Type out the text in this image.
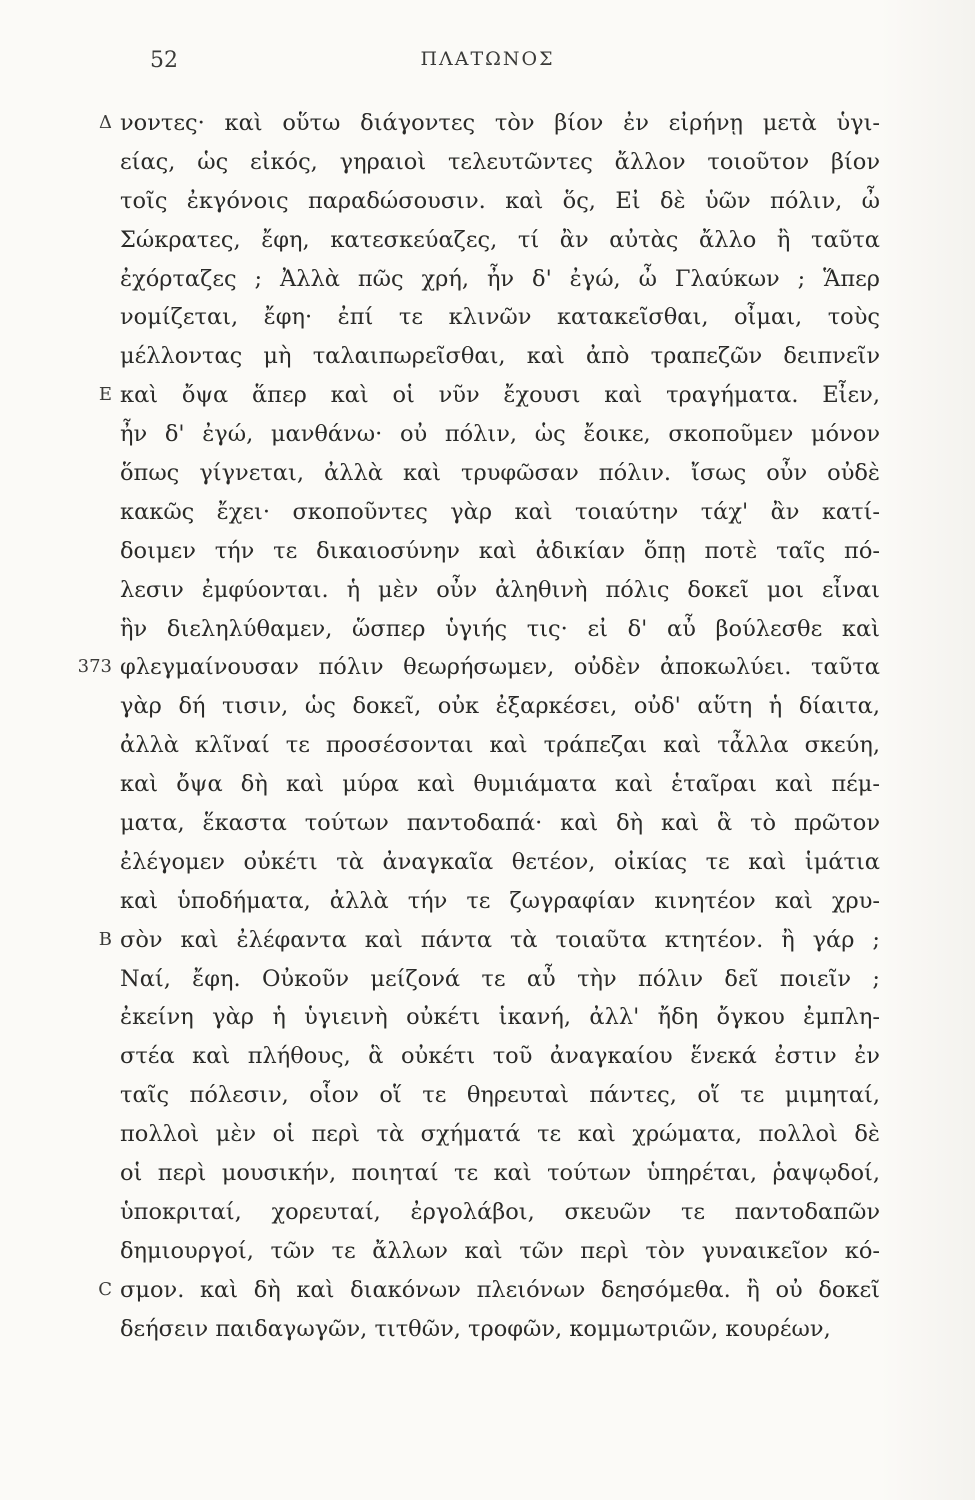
52	ΠΛΑΤΩΝΟΣ
Δ νοντες· καὶ οὕτω διάγοντες τὸν βίον ἐν εἰρήνῃ μετὰ ὑγι-
είας, ὡς εἰκός, γηραιοὶ τελευτῶντες ἄλλον τοιοῦτον βίον
τοῖς ἐκγόνοις παραδώσουσιν. καὶ ὅς, Εἰ δὲ ὑῶν πόλιν, ὦ
Σώκρατες, ἔφη, κατεσκεύαζες, τί ἂν αὐτὰς ἄλλο ἢ ταῦτα
ἐχόρταζες ; Ἀλλὰ πῶς χρή, ἦν δ' ἐγώ, ὦ Γλαύκων ; Ἅπερ
νομίζεται, ἔφη· ἐπί τε κλινῶν κατακεῖσθαι, οἶμαι, τοὺς
μέλλοντας μὴ ταλαιπωρεῖσθαι, καὶ ἀπὸ τραπεζῶν δειπνεῖν
E καὶ ὄψα ἅπερ καὶ οἱ νῦν ἔχουσι καὶ τραγήματα. Εἶεν,
ἦν δ' ἐγώ, μανθάνω· οὐ πόλιν, ὡς ἔοικε, σκοποῦμεν μόνον
ὅπως γίγνεται, ἀλλὰ καὶ τρυφῶσαν πόλιν. ἴσως οὖν οὐδὲ
κακῶς ἔχει· σκοποῦντες γὰρ καὶ τοιαύτην τάχ' ἂν κατί-
δοιμεν τήν τε δικαιοσύνην καὶ ἀδικίαν ὅπῃ ποτὲ ταῖς πό-
λεσιν ἐμφύονται. ἡ μὲν οὖν ἀληθινὴ πόλις δοκεῖ μοι εἶναι
ἣν διεληλύθαμεν, ὥσπερ ὑγιής τις· εἰ δ' αὖ βούλεσθε καὶ
373 φλεγμαίνουσαν πόλιν θεωρήσωμεν, οὐδὲν ἀποκωλύει. ταῦτα
γὰρ δή τισιν, ὡς δοκεῖ, οὐκ ἐξαρκέσει, οὐδ' αὕτη ἡ δίαιτα,
ἀλλὰ κλῖναί τε προσέσονται καὶ τράπεζαι καὶ τἆλλα σκεύη,
καὶ ὄψα δὴ καὶ μύρα καὶ θυμιάματα καὶ ἑταῖραι καὶ πέμ-
ματα, ἕκαστα τούτων παντοδαπά· καὶ δὴ καὶ ἃ τὸ πρῶτον
ἐλέγομεν οὐκέτι τὰ ἀναγκαῖα θετέον, οἰκίας τε καὶ ἱμάτια
καὶ ὑποδήματα, ἀλλὰ τήν τε ζωγραφίαν κινητέον καὶ χρυ-
B σὸν καὶ ἐλέφαντα καὶ πάντα τὰ τοιαῦτα κτητέον. ἢ γάρ ;
Ναί, ἔφη. Οὐκοῦν μείζονά τε αὖ τὴν πόλιν δεῖ ποιεῖν ;
ἐκείνη γὰρ ἡ ὑγιεινὴ οὐκέτι ἱκανή, ἀλλ' ἤδη ὄγκου ἐμπλη-
στέα καὶ πλήθους, ἃ οὐκέτι τοῦ ἀναγκαίου ἕνεκά ἐστιν ἐν
ταῖς πόλεσιν, οἷον οἵ τε θηρευταὶ πάντες, οἵ τε μιμηταί,
πολλοὶ μὲν οἱ περὶ τὰ σχήματά τε καὶ χρώματα, πολλοὶ δὲ
οἱ περὶ μουσικήν, ποιηταί τε καὶ τούτων ὑπηρέται, ῥαψῳδοί,
ὑποκριταί, χορευταί, ἐργολάβοι, σκευῶν τε παντοδαπῶν
δημιουργοί, τῶν τε ἄλλων καὶ τῶν περὶ τὸν γυναικεῖον κό-
C σμον. καὶ δὴ καὶ διακόνων πλειόνων δεησόμεθα. ἢ οὐ δοκεῖ
δεήσειν παιδαγωγῶν, τιτθῶν, τροφῶν, κομμωτριῶν, κουρέων,
